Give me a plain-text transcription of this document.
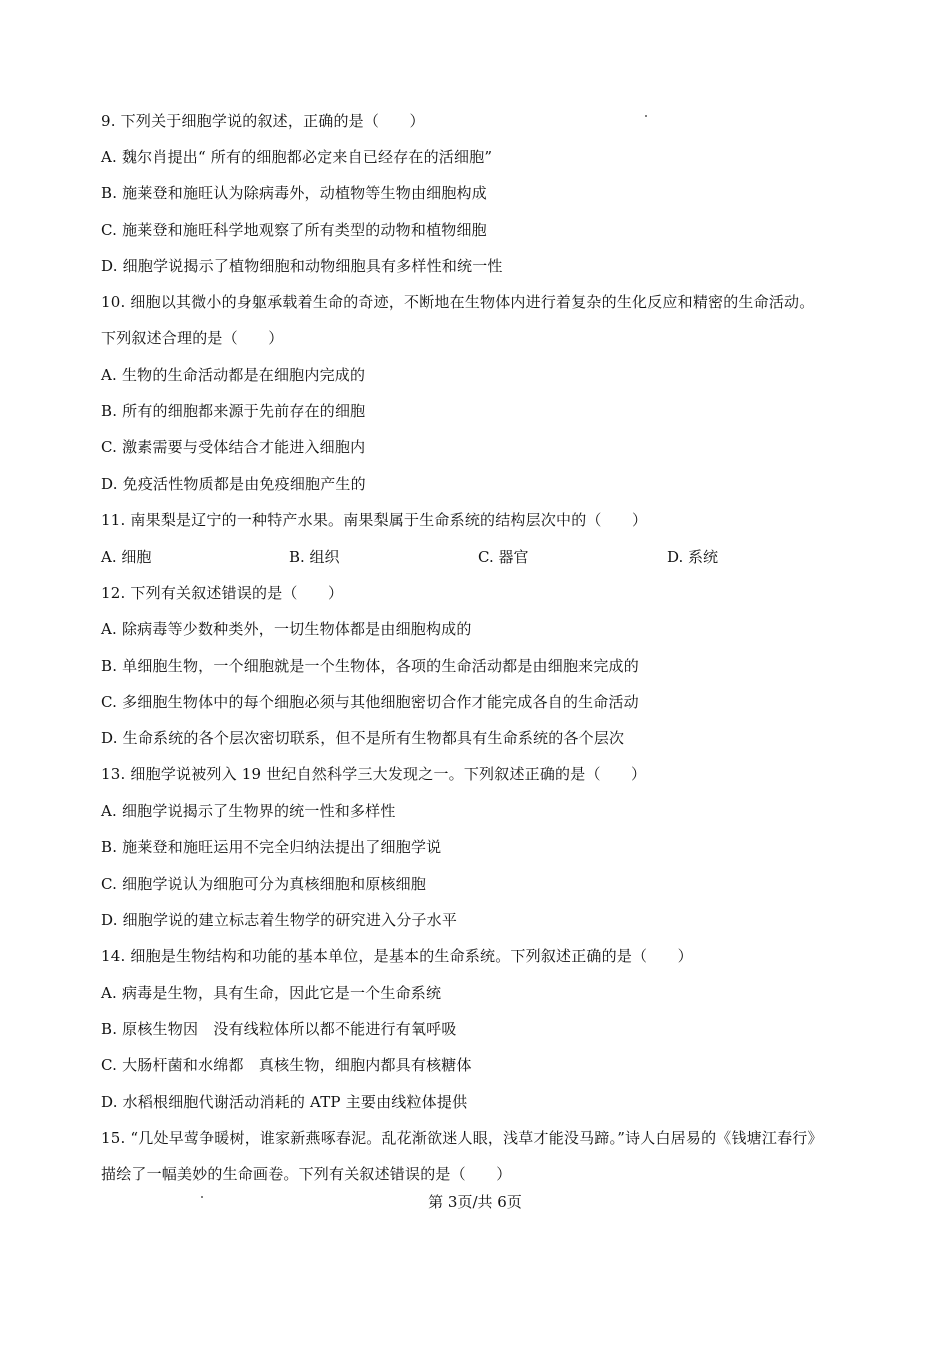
9. 下列关于细胞学说的叙述，正确的是（　　）
A. 魏尔肖提出“ 所有的细胞都必定来自已经存在的活细胞”
B. 施莱登和施旺认为除病毒外，动植物等生物由细胞构成
C. 施莱登和施旺科学地观察了所有类型的动物和植物细胞
D. 细胞学说揭示了植物细胞和动物细胞具有多样性和统一性
10. 细胞以其微小的身躯承载着生命的奇迹，不断地在生物体内进行着复杂的生化反应和精密的生命活动。
下列叙述合理的是（　　）
A. 生物的生命活动都是在细胞内完成的
B. 所有的细胞都来源于先前存在的细胞
C. 激素需要与受体结合才能进入细胞内
D. 免疫活性物质都是由免疫细胞产生的
11. 南果梨是辽宁的一种特产水果。南果梨属于生命系统的结构层次中的（　　）
A. 细胞	B. 组织	C. 器官	D. 系统
12. 下列有关叙述错误的是（　　）
A. 除病毒等少数种类外，一切生物体都是由细胞构成的
B. 单细胞生物，一个细胞就是一个生物体，各项的生命活动都是由细胞来完成的
C. 多细胞生物体中的每个细胞必须与其他细胞密切合作才能完成各自的生命活动
D. 生命系统的各个层次密切联系，但不是所有生物都具有生命系统的各个层次
13. 细胞学说被列入 19 世纪自然科学三大发现之一。下列叙述正确的是（　　）
A. 细胞学说揭示了生物界的统一性和多样性
B. 施莱登和施旺运用不完全归纳法提出了细胞学说
C. 细胞学说认为细胞可分为真核细胞和原核细胞
D. 细胞学说的建立标志着生物学的研究进入分子水平
14. 细胞是生物结构和功能的基本单位，是基本的生命系统。下列叙述正确的是（　　）
A. 病毒是生物，具有生命，因此它是一个生命系统
B. 原核生物因　没有线粒体所以都不能进行有氧呼吸
C. 大肠杆菌和水绵都　真核生物，细胞内都具有核糖体
D. 水稻根细胞代谢活动消耗的 ATP 主要由线粒体提供
15. “几处早莺争暖树，谁家新燕啄春泥。乱花渐欲迷人眼，浅草才能没马蹄。”诗人白居易的《钱塘江春行》
描绘了一幅美妙的生命画卷。下列有关叙述错误的是（　　）
第 3页/共 6页
